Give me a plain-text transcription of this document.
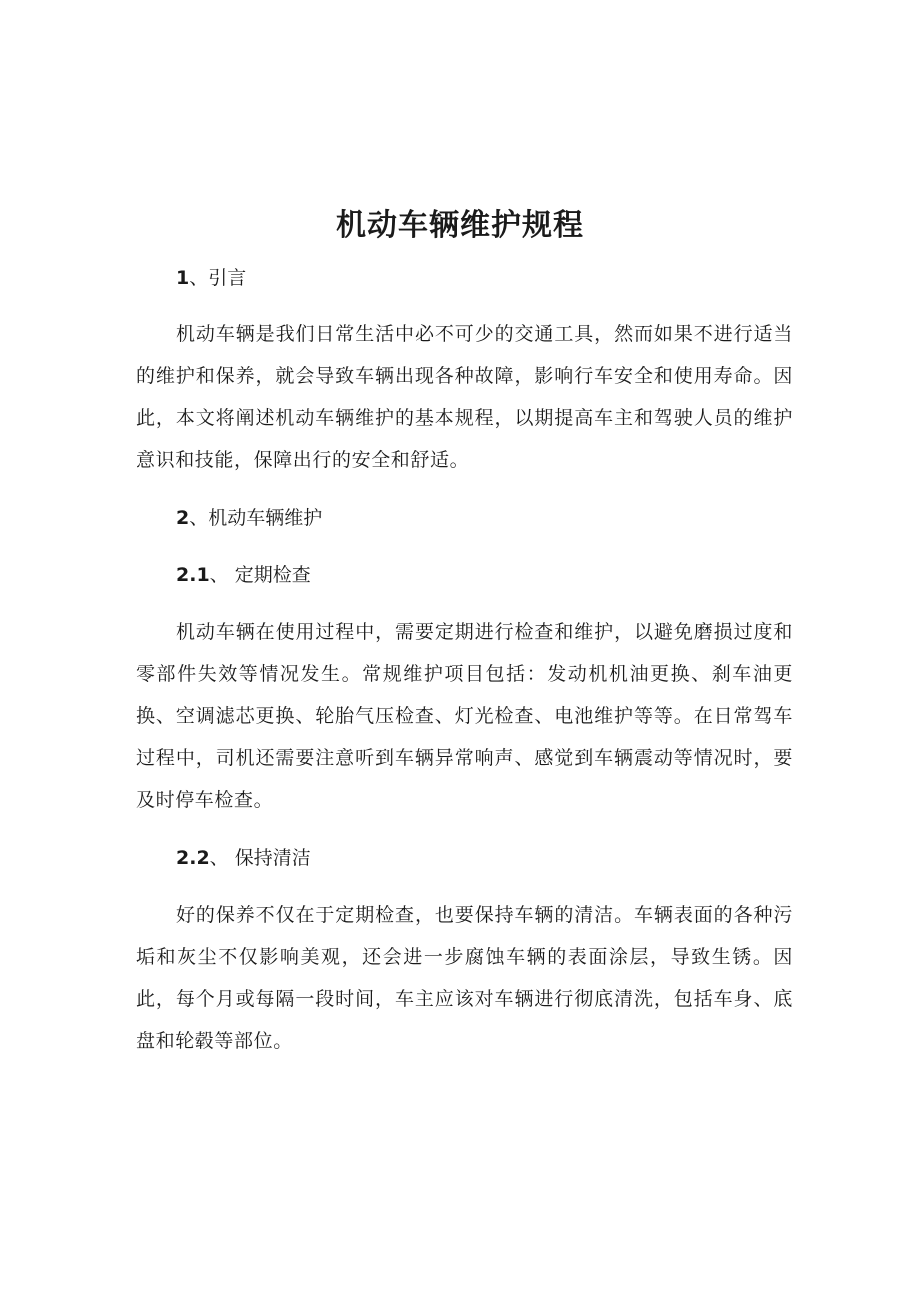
机动车辆维护规程
1、引言

机动车辆是我们日常生活中必不可少的交通工具，然而如果不进行适当的维护和保养，就会导致车辆出现各种故障，影响行车安全和使用寿命。因此，本文将阐述机动车辆维护的基本规程，以期提高车主和驾驶人员的维护意识和技能，保障出行的安全和舒适。

2、机动车辆维护
2.1、 定期检查

机动车辆在使用过程中，需要定期进行检查和维护，以避免磨损过度和零部件失效等情况发生。常规维护项目包括：发动机机油更换、刹车油更换、空调滤芯更换、轮胎气压检查、灯光检查、电池维护等等。在日常驾车过程中，司机还需要注意听到车辆异常响声、感觉到车辆震动等情况时，要及时停车检查。

2.2、 保持清洁

好的保养不仅在于定期检查，也要保持车辆的清洁。车辆表面的各种污垢和灰尘不仅影响美观，还会进一步腐蚀车辆的表面涂层，导致生锈。因此，每个月或每隔一段时间，车主应该对车辆进行彻底清洗，包括车身、底盘和轮毂等部位。
